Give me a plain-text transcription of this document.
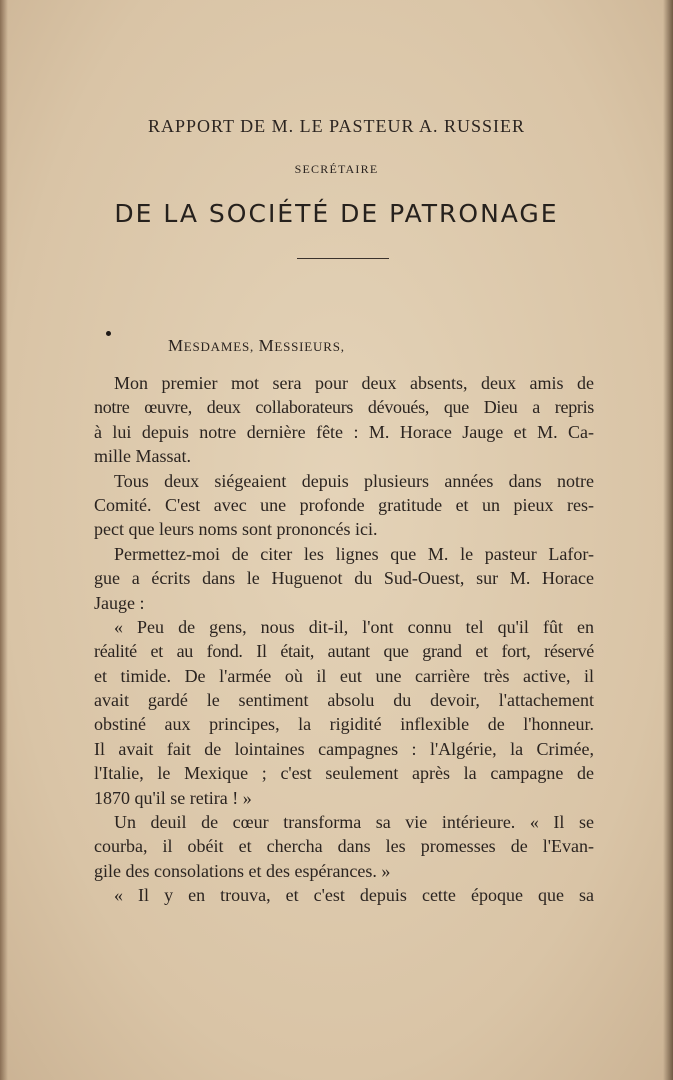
RAPPORT DE M. LE PASTEUR A. RUSSIER
SECRÉTAIRE
DE LA SOCIÉTÉ DE PATRONAGE
MESDAMES, MESSIEURS,
Mon premier mot sera pour deux absents, deux amis de
notre œuvre, deux collaborateurs dévoués, que Dieu a repris
à lui depuis notre dernière fête : M. Horace Jauge et M. Ca-
mille Massat.
Tous deux siégeaient depuis plusieurs années dans notre
Comité. C'est avec une profonde gratitude et un pieux res-
pect que leurs noms sont prononcés ici.
Permettez-moi de citer les lignes que M. le pasteur Lafor-
gue a écrits dans le Huguenot du Sud-Ouest, sur M. Horace
Jauge :
« Peu de gens, nous dit-il, l'ont connu tel qu'il fût en
réalité et au fond. Il était, autant que grand et fort, réservé
et timide. De l'armée où il eut une carrière très active, il
avait gardé le sentiment absolu du devoir, l'attachement
obstiné aux principes, la rigidité inflexible de l'honneur.
Il avait fait de lointaines campagnes : l'Algérie, la Crimée,
l'Italie, le Mexique ; c'est seulement après la campagne de
1870 qu'il se retira ! »
Un deuil de cœur transforma sa vie intérieure. « Il se
courba, il obéit et chercha dans les promesses de l'Evan-
gile des consolations et des espérances. »
« Il y en trouva, et c'est depuis cette époque que sa
